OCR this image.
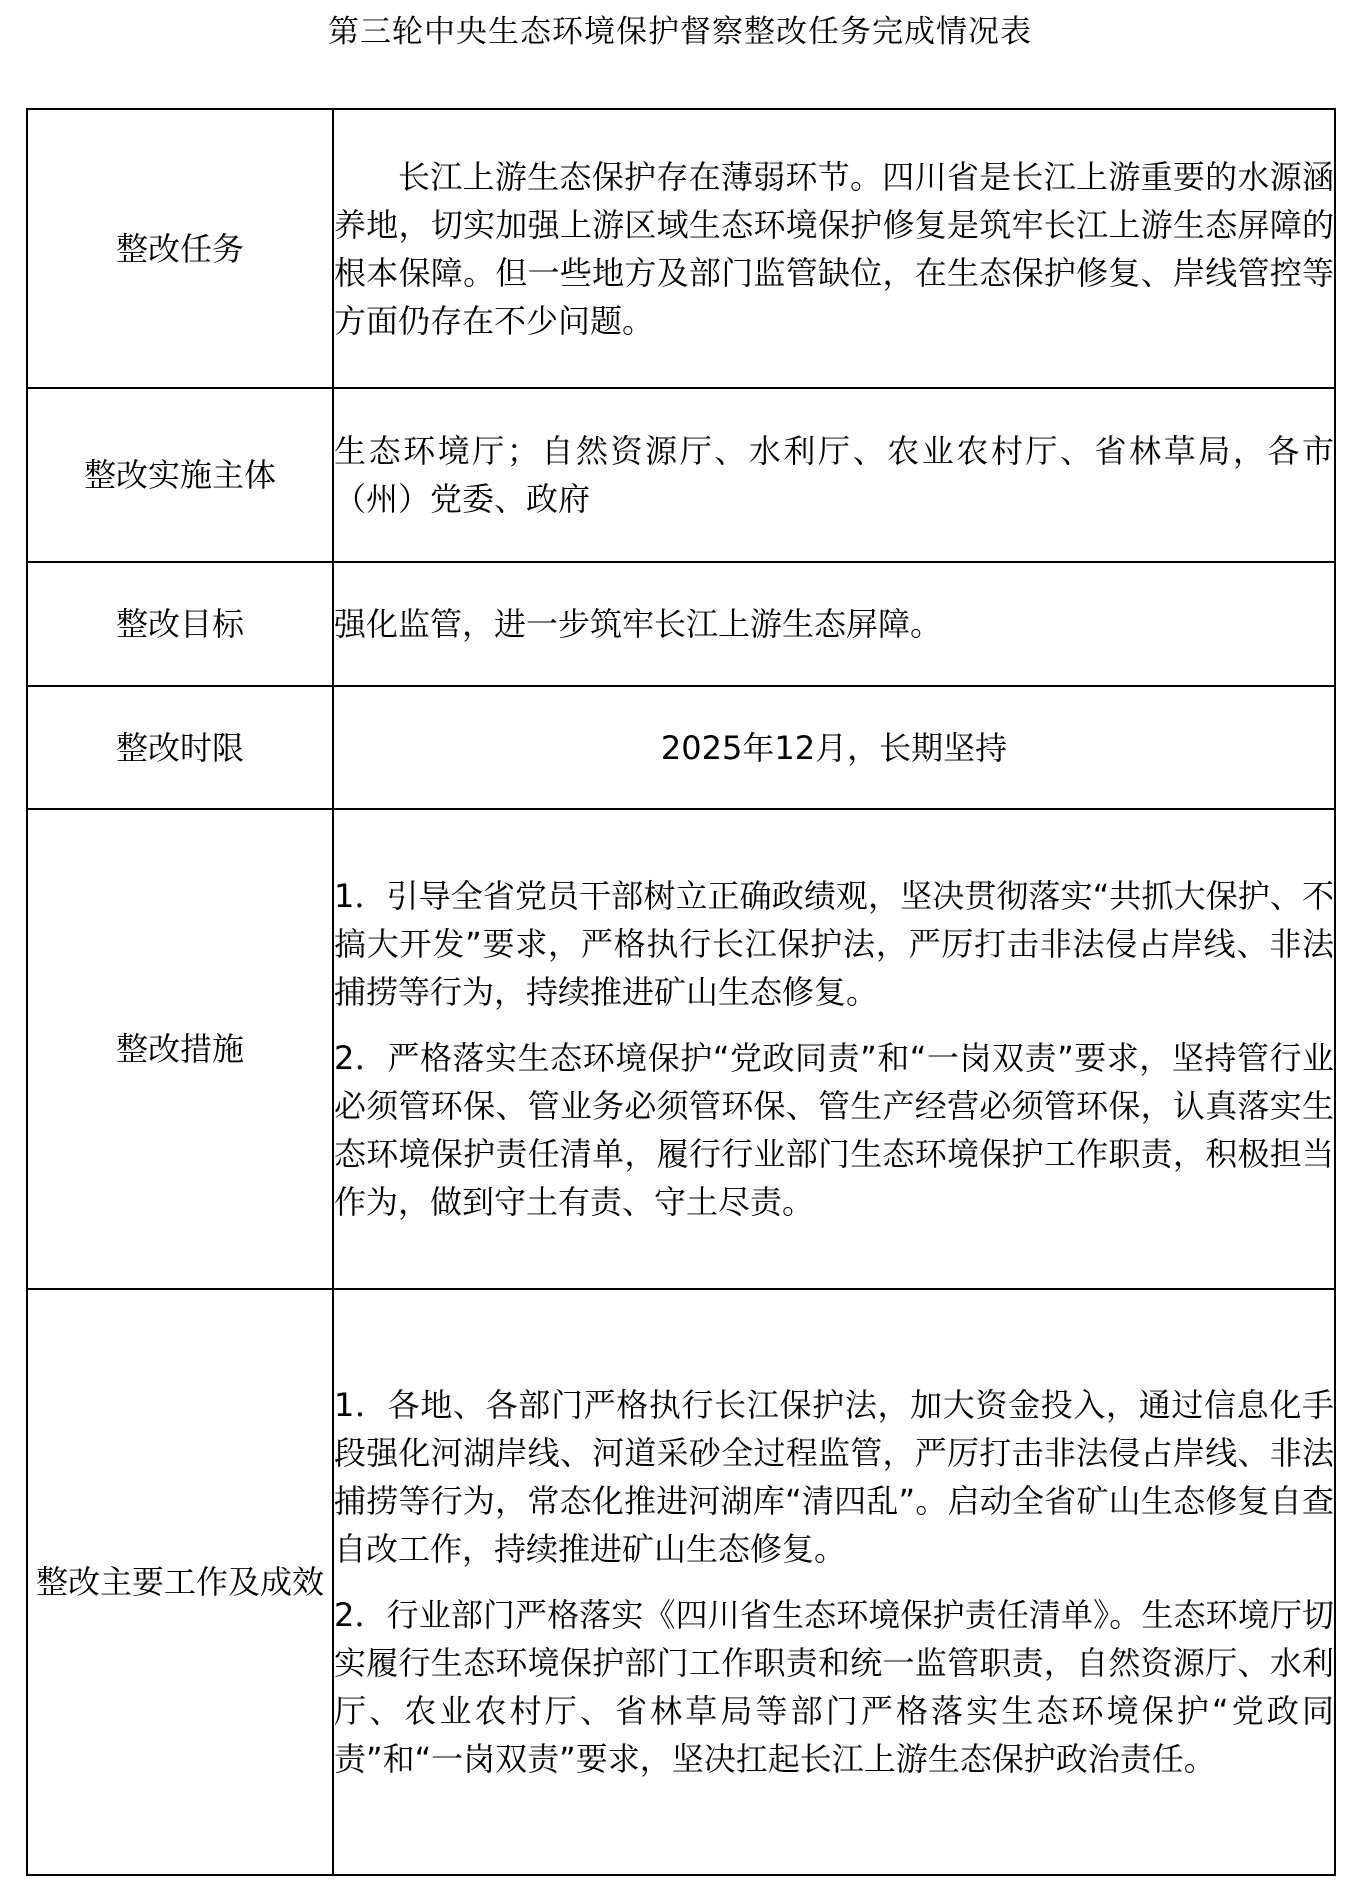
第三轮中央生态环境保护督察整改任务完成情况表
整改任务	长江上游生态保护存在薄弱环节。四川省是长江上游重要的水源涵养地，切实加强上游区域生态环境保护修复是筑牢长江上游生态屏障的根本保障。但一些地方及部门监管缺位，在生态保护修复、岸线管控等方面仍存在不少问题。

整改实施主体	生态环境厅；自然资源厅、水利厅、农业农村厅、省林草局，各市（州）党委、政府

整改目标	强化监管，进一步筑牢长江上游生态屏障。

整改时限	2025年12月，长期坚持

整改措施	1．引导全省党员干部树立正确政绩观，坚决贯彻落实“共抓大保护、不搞大开发”要求，严格执行长江保护法，严厉打击非法侵占岸线、非法捕捞等行为，持续推进矿山生态修复。

2．严格落实生态环境保护“党政同责”和“一岗双责”要求，坚持管行业必须管环保、管业务必须管环保、管生产经营必须管环保，认真落实生态环境保护责任清单，履行行业部门生态环境保护工作职责，积极担当作为，做到守土有责、守土尽责。

整改主要工作及成效	1．各地、各部门严格执行长江保护法，加大资金投入，通过信息化手段强化河湖岸线、河道采砂全过程监管，严厉打击非法侵占岸线、非法捕捞等行为，常态化推进河湖库“清四乱”。启动全省矿山生态修复自查自改工作，持续推进矿山生态修复。

2．行业部门严格落实《四川省生态环境保护责任清单》。生态环境厅切实履行生态环境保护部门工作职责和统一监管职责，自然资源厅、水利厅、农业农村厅、省林草局等部门严格落实生态环境保护“党政同责”和“一岗双责”要求，坚决扛起长江上游生态保护政治责任。
